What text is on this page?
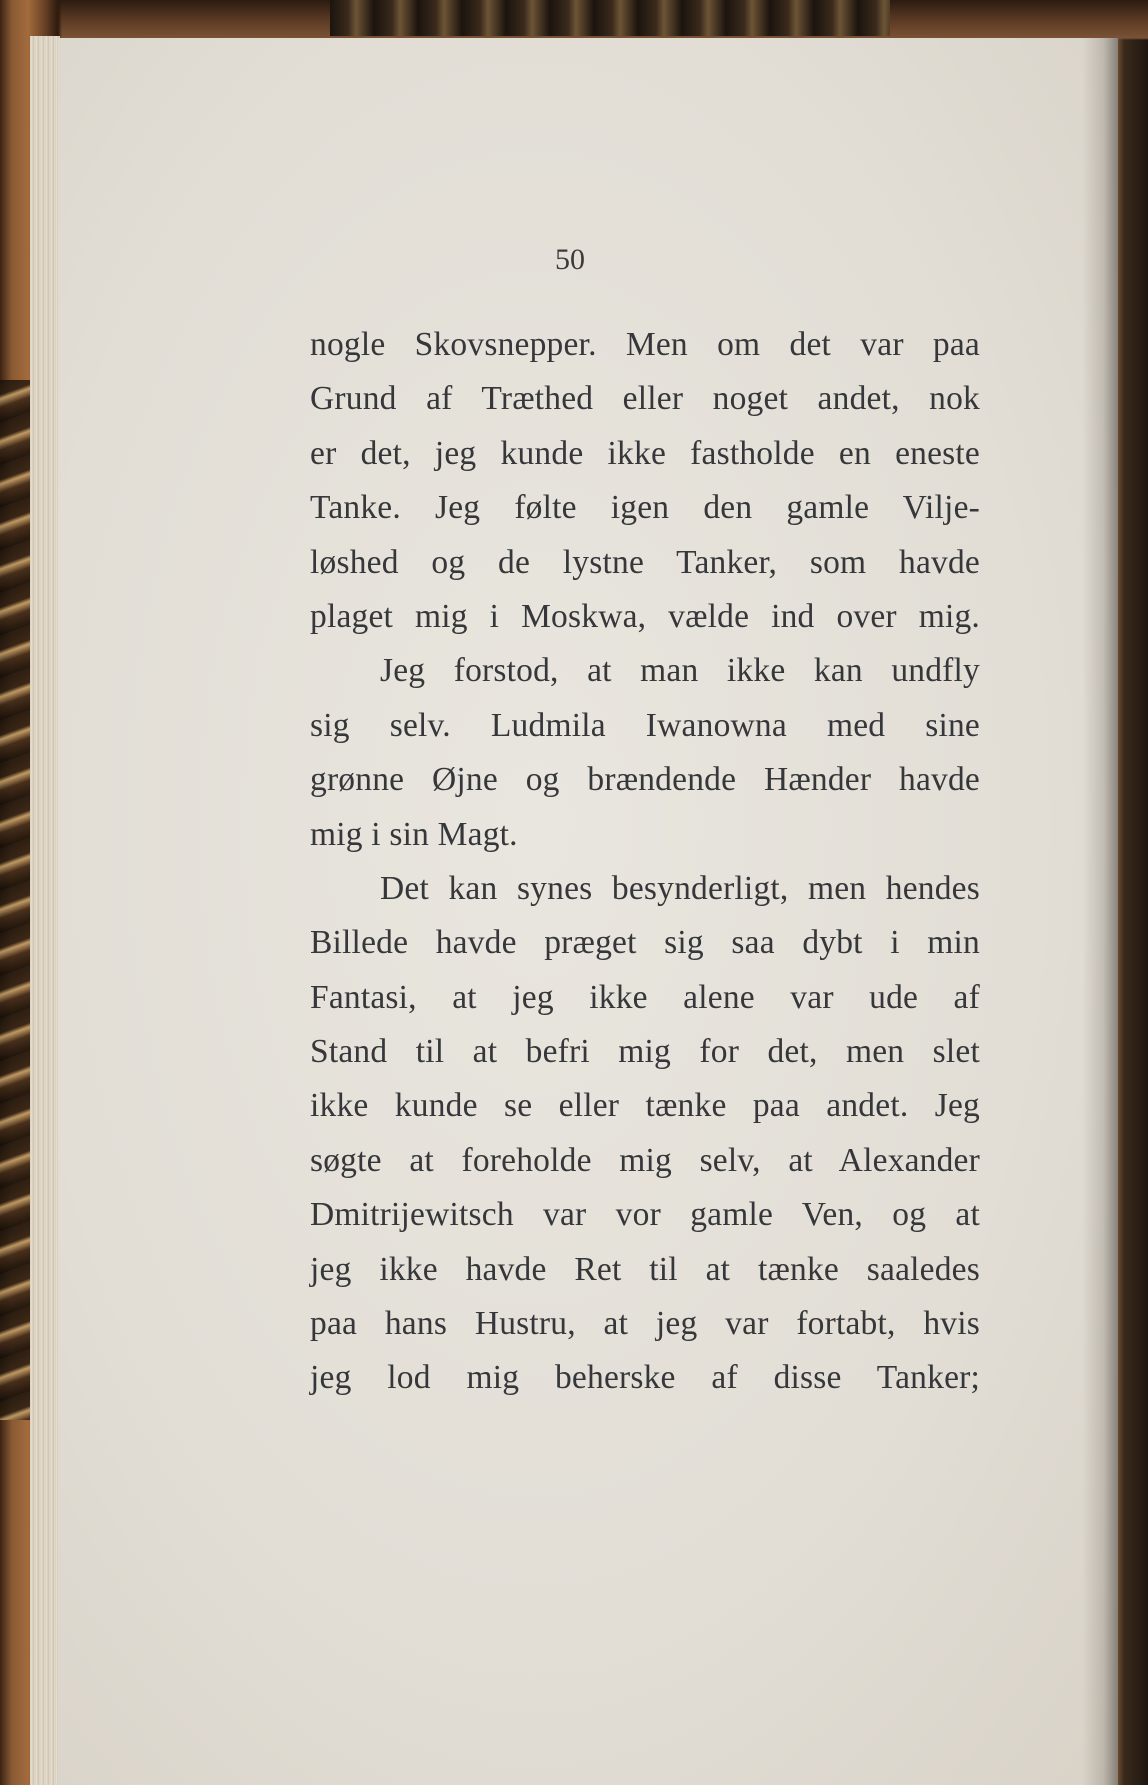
50

nogle Skovsnepper. Men om det var paa
Grund af Træthed eller noget andet, nok
er det, jeg kunde ikke fastholde en eneste
Tanke. Jeg følte igen den gamle Vilje-
løshed og de lystne Tanker, som havde
plaget mig i Moskwa, vælde ind over mig.

Jeg forstod, at man ikke kan undfly
sig selv. Ludmila Iwanowna med sine
grønne Øjne og brændende Hænder havde
mig i sin Magt.

Det kan synes besynderligt, men hendes
Billede havde præget sig saa dybt i min
Fantasi, at jeg ikke alene var ude af
Stand til at befri mig for det, men slet
ikke kunde se eller tænke paa andet. Jeg
søgte at foreholde mig selv, at Alexander
Dmitrijewitsch var vor gamle Ven, og at
jeg ikke havde Ret til at tænke saaledes
paa hans Hustru, at jeg var fortabt, hvis
jeg lod mig beherske af disse Tanker;
